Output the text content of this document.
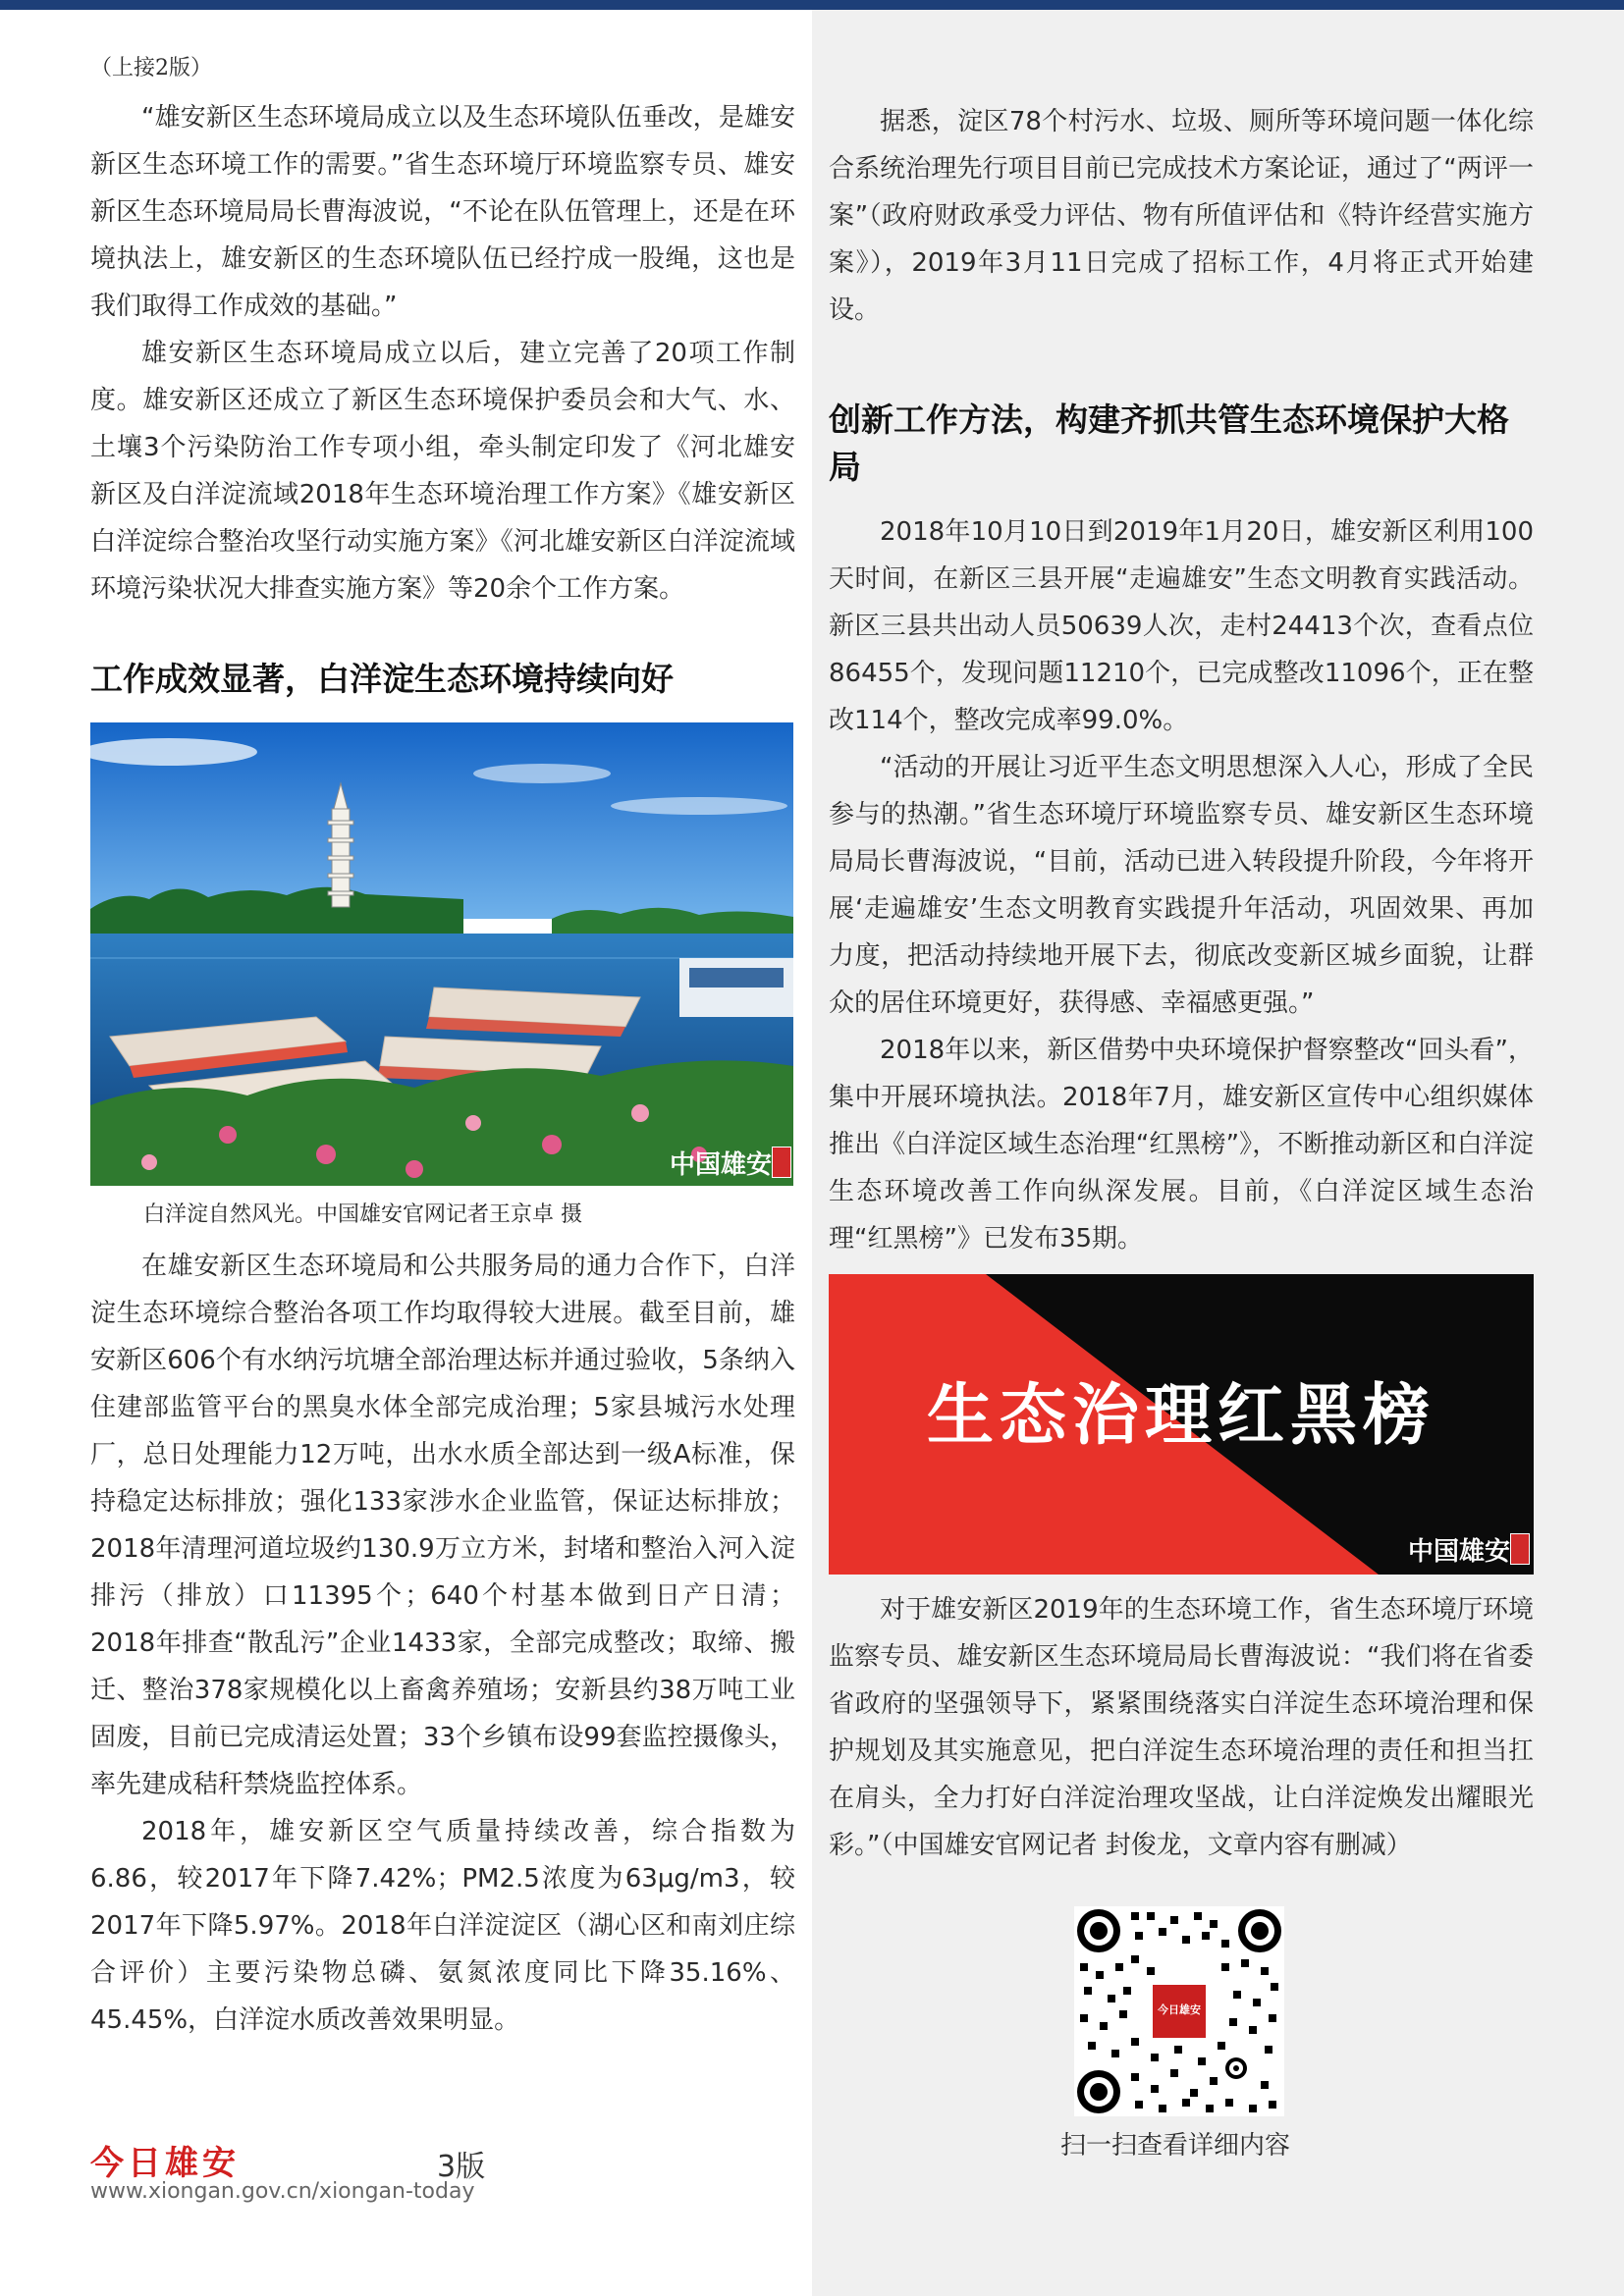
（上接2版）

“雄安新区生态环境局成立以及生态环境队伍垂改，是雄安新区生态环境工作的需要。”省生态环境厅环境监察专员、雄安新区生态环境局局长曹海波说，“不论在队伍管理上，还是在环境执法上，雄安新区的生态环境队伍已经拧成一股绳，这也是我们取得工作成效的基础。”

雄安新区生态环境局成立以后，建立完善了20项工作制度。雄安新区还成立了新区生态环境保护委员会和大气、水、土壤3个污染防治工作专项小组，牵头制定印发了《河北雄安新区及白洋淀流域2018年生态环境治理工作方案》《雄安新区白洋淀综合整治攻坚行动实施方案》《河北雄安新区白洋淀流域环境污染状况大排查实施方案》等20余个工作方案。

工作成效显著，白洋淀生态环境持续向好
中国雄安
白洋淀自然风光。中国雄安官网记者王京卓 摄

在雄安新区生态环境局和公共服务局的通力合作下，白洋淀生态环境综合整治各项工作均取得较大进展。截至目前，雄安新区606个有水纳污坑塘全部治理达标并通过验收，5条纳入住建部监管平台的黑臭水体全部完成治理；5家县城污水处理厂，总日处理能力12万吨，出水水质全部达到一级A标准，保持稳定达标排放；强化133家涉水企业监管，保证达标排放；2018年清理河道垃圾约130.9万立方米，封堵和整治入河入淀排污（排放）口11395个；640个村基本做到日产日清；2018年排查“散乱污”企业1433家，全部完成整改；取缔、搬迁、整治378家规模化以上畜禽养殖场；安新县约38万吨工业固废，目前已完成清运处置；33个乡镇布设99套监控摄像头，率先建成秸秆禁烧监控体系。

2018年，雄安新区空气质量持续改善，综合指数为6.86，较2017年下降7.42%；PM2.5浓度为63μg/m3，较2017年下降5.97%。2018年白洋淀淀区（湖心区和南刘庄综合评价）主要污染物总磷、氨氮浓度同比下降35.16%、45.45%，白洋淀水质改善效果明显。

据悉，淀区78个村污水、垃圾、厕所等环境问题一体化综合系统治理先行项目目前已完成技术方案论证，通过了“两评一案”（政府财政承受力评估、物有所值评估和《特许经营实施方案》），2019年3月11日完成了招标工作，4月将正式开始建设。

创新工作方法，构建齐抓共管生态环境保护大格局

2018年10月10日到2019年1月20日，雄安新区利用100天时间，在新区三县开展“走遍雄安”生态文明教育实践活动。新区三县共出动人员50639人次，走村24413个次，查看点位86455个，发现问题11210个，已完成整改11096个，正在整改114个，整改完成率99.0%。

“活动的开展让习近平生态文明思想深入人心，形成了全民参与的热潮。”省生态环境厅环境监察专员、雄安新区生态环境局局长曹海波说，“目前，活动已进入转段提升阶段，今年将开展‘走遍雄安’生态文明教育实践提升年活动，巩固效果、再加力度，把活动持续地开展下去，彻底改变新区城乡面貌，让群众的居住环境更好，获得感、幸福感更强。”

2018年以来，新区借势中央环境保护督察整改“回头看”，集中开展环境执法。2018年7月，雄安新区宣传中心组织媒体推出《白洋淀区域生态治理“红黑榜”》，不断推动新区和白洋淀生态环境改善工作向纵深发展。目前，《白洋淀区域生态治理“红黑榜”》已发布35期。

生态治理红黑榜
中国雄安

对于雄安新区2019年的生态环境工作，省生态环境厅环境监察专员、雄安新区生态环境局局长曹海波说：“我们将在省委省政府的坚强领导下，紧紧围绕落实白洋淀生态环境治理和保护规划及其实施意见，把白洋淀生态环境治理的责任和担当扛在肩头，全力打好白洋淀治理攻坚战，让白洋淀焕发出耀眼光彩。”（中国雄安官网记者 封俊龙，文章内容有删减）

今日雄安
扫一扫查看详细内容
今日雄安	3版
www.xiongan.gov.cn/xiongan-today
